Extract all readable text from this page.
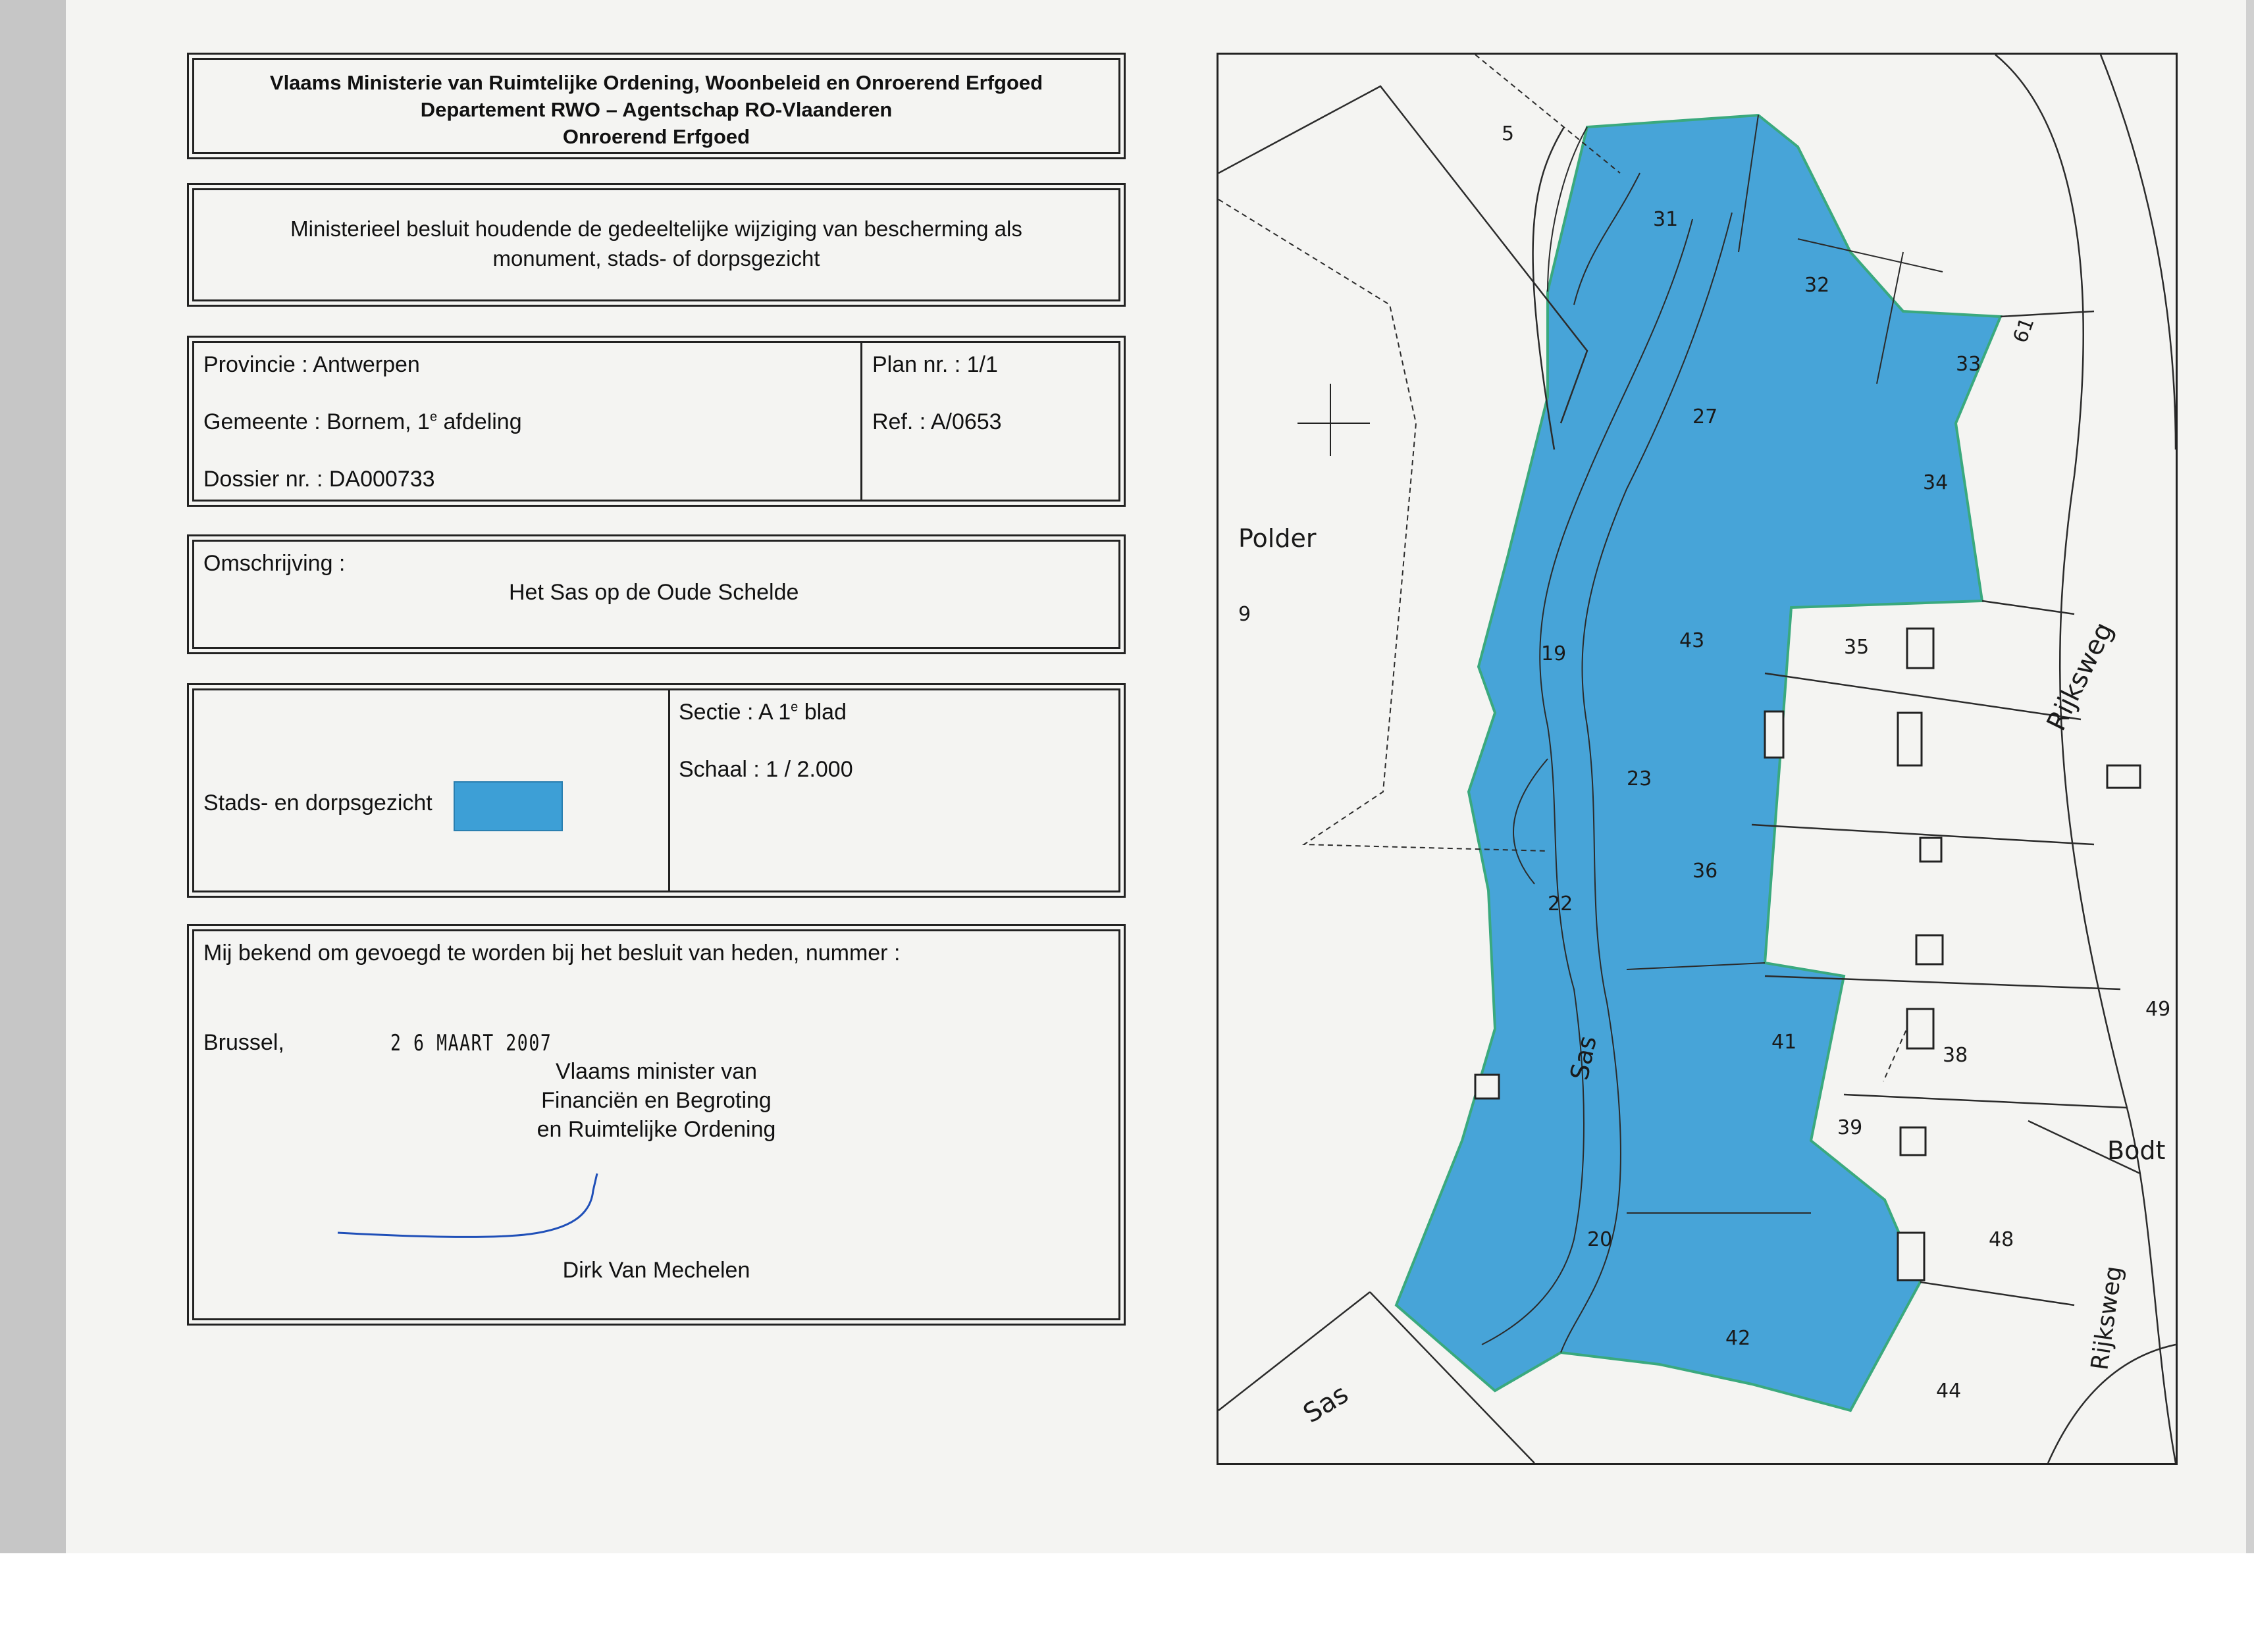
Vlaams Ministerie van Ruimtelijke Ordening, Woonbeleid en Onroerend Erfgoed
Departement RWO – Agentschap RO-Vlaanderen
Onroerend Erfgoed
Ministerieel besluit houdende de gedeeltelijke wijziging van bescherming als
monument, stads- of dorpsgezicht
Provincie : Antwerpen
Gemeente : Bornem, 1e afdeling
Dossier nr. : DA000733
Plan nr. : 1/1
Ref. : A/0653
Omschrijving :
Het Sas op de Oude Schelde
Stads- en dorpsgezicht
Sectie : A 1e blad
Schaal : 1 / 2.000
Mij bekend om gevoegd te worden bij het besluit van heden, nummer :
Brussel,	2 6 MAART 2007
Vlaams minister van
Financiën en Begroting
en Ruimtelijke Ordening
Dirk Van Mechelen
Polder
Rijksweg
Rijksweg
Bodt
Sas
Sas
5
9
19
20
22
23
27
31
32
33
34
35
36
38
39
41
42
43
44
48
49
61
